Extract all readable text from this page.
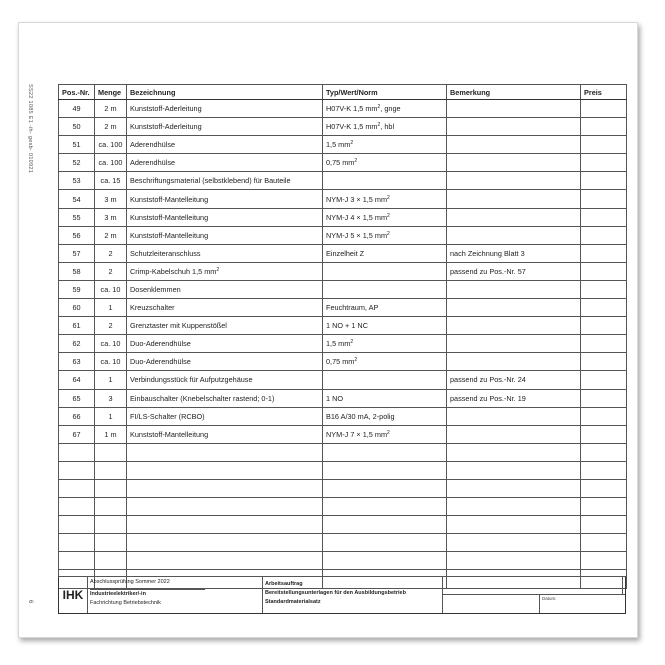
SS22 1085 E1 -ih- gesb- 010921
6
Pos.-Nr.	Menge	Bezeichnung	Typ/Wert/Norm	Bemerkung	Preis
49	2 m	Kunststoff-Aderleitung	H07V-K 1,5 $mm^2$, gnge		
50	2 m	Kunststoff-Aderleitung	H07V-K 1,5 $mm^2$, hbl		
51	ca. 100	Aderendhülse	1,5 $mm^2$		
52	ca. 100	Aderendhülse	0,75 $mm^2$		
53	ca. 15	Beschriftungsmaterial (selbstklebend) für Bauteile			
54	3 m	Kunststoff-Mantelleitung	NYM-J 3 × 1,5 $mm^2$		
55	3 m	Kunststoff-Mantelleitung	NYM-J 4 × 1,5 $mm^2$		
56	2 m	Kunststoff-Mantelleitung	NYM-J 5 × 1,5 $mm^2$		
57	2	Schutzleiteranschluss	Einzelheit Z	nach Zeichnung Blatt 3	
58	2	Crimp-Kabelschuh 1,5 $mm^2$		passend zu Pos.-Nr. 57	
59	ca. 10	Dosenklemmen			
60	1	Kreuzschalter	Feuchtraum, AP		
61	2	Grenztaster mit Kuppenstößel	1 NO + 1 NC		
62	ca. 10	Duo-Aderendhülse	1,5 $mm^2$		
63	ca. 10	Duo-Aderendhülse	0,75 $mm^2$		
64	1	Verbindungsstück für Aufputzgehäuse		passend zu Pos.-Nr. 24	
65	3	Einbauschalter (Knebelschalter rastend; 0-1)	1 NO	passend zu Pos.-Nr. 19	
66	1	FI/LS-Schalter (RCBO)	B16 A/30 mA, 2-polig		
67	1 m	Kunststoff-Mantelleitung	NYM-J 7 × 1,5 $mm^2$		

IHK
Abschlussprüfung Sommer 2022
Industrieelektriker/-in
Fachrichtung Betriebstechnik
Arbeitsauftrag
Bereitstellungsunterlagen für den Ausbildungsbetrieb
Standardmaterialsatz
Datum:
